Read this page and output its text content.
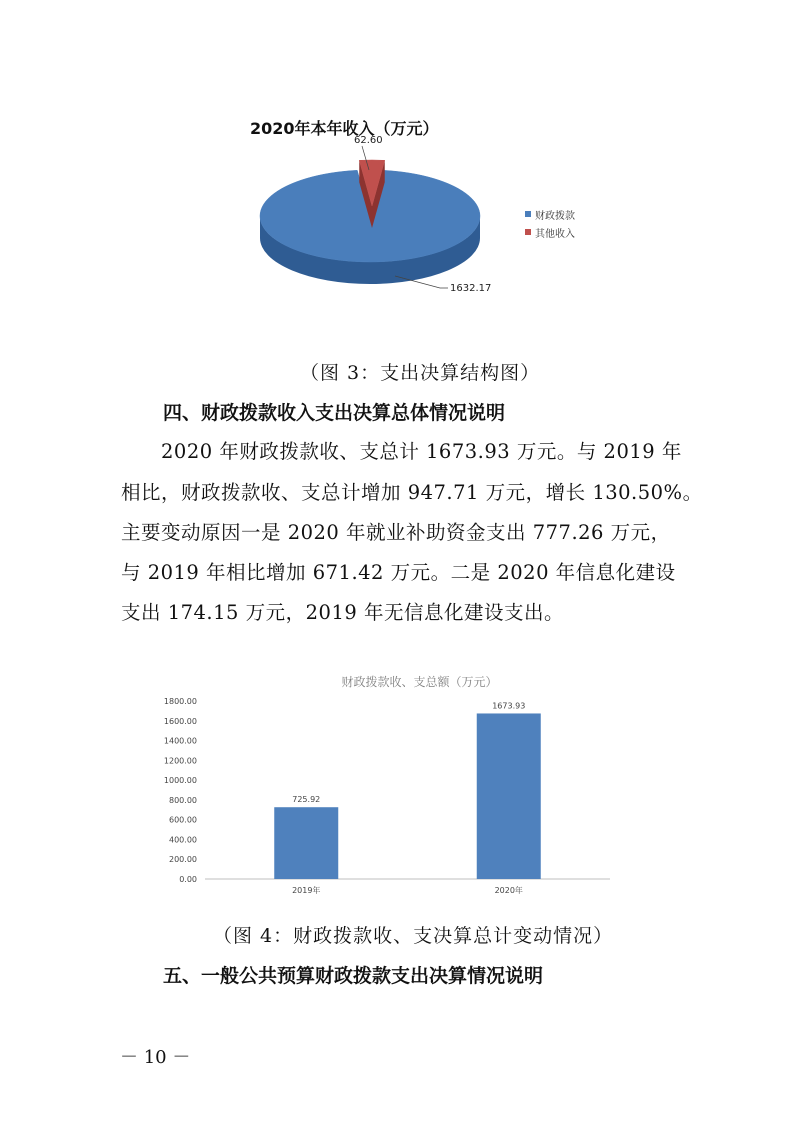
2020年本年收入（万元）
62.60
1632.17
财政拨款
其他收入
（图 3：支出决算结构图）
四、财政拨款收入支出决算总体情况说明
2020 年财政拨款收、支总计 1673.93 万元。与 2019 年
相比，财政拨款收、支总计增加 947.71 万元，增长 130.50%。
主要变动原因一是 2020 年就业补助资金支出 777.26 万元，
与 2019 年相比增加 671.42 万元。二是 2020 年信息化建设
支出 174.15 万元，2019 年无信息化建设支出。
财政拨款收、支总额（万元）
0.00
200.00
400.00
600.00
800.00
1000.00
1200.00
1400.00
1600.00
1800.00
725.92
2019年
1673.93
2020年
（图 4：财政拨款收、支决算总计变动情况）
五、一般公共预算财政拨款支出决算情况说明
－ 10 －
